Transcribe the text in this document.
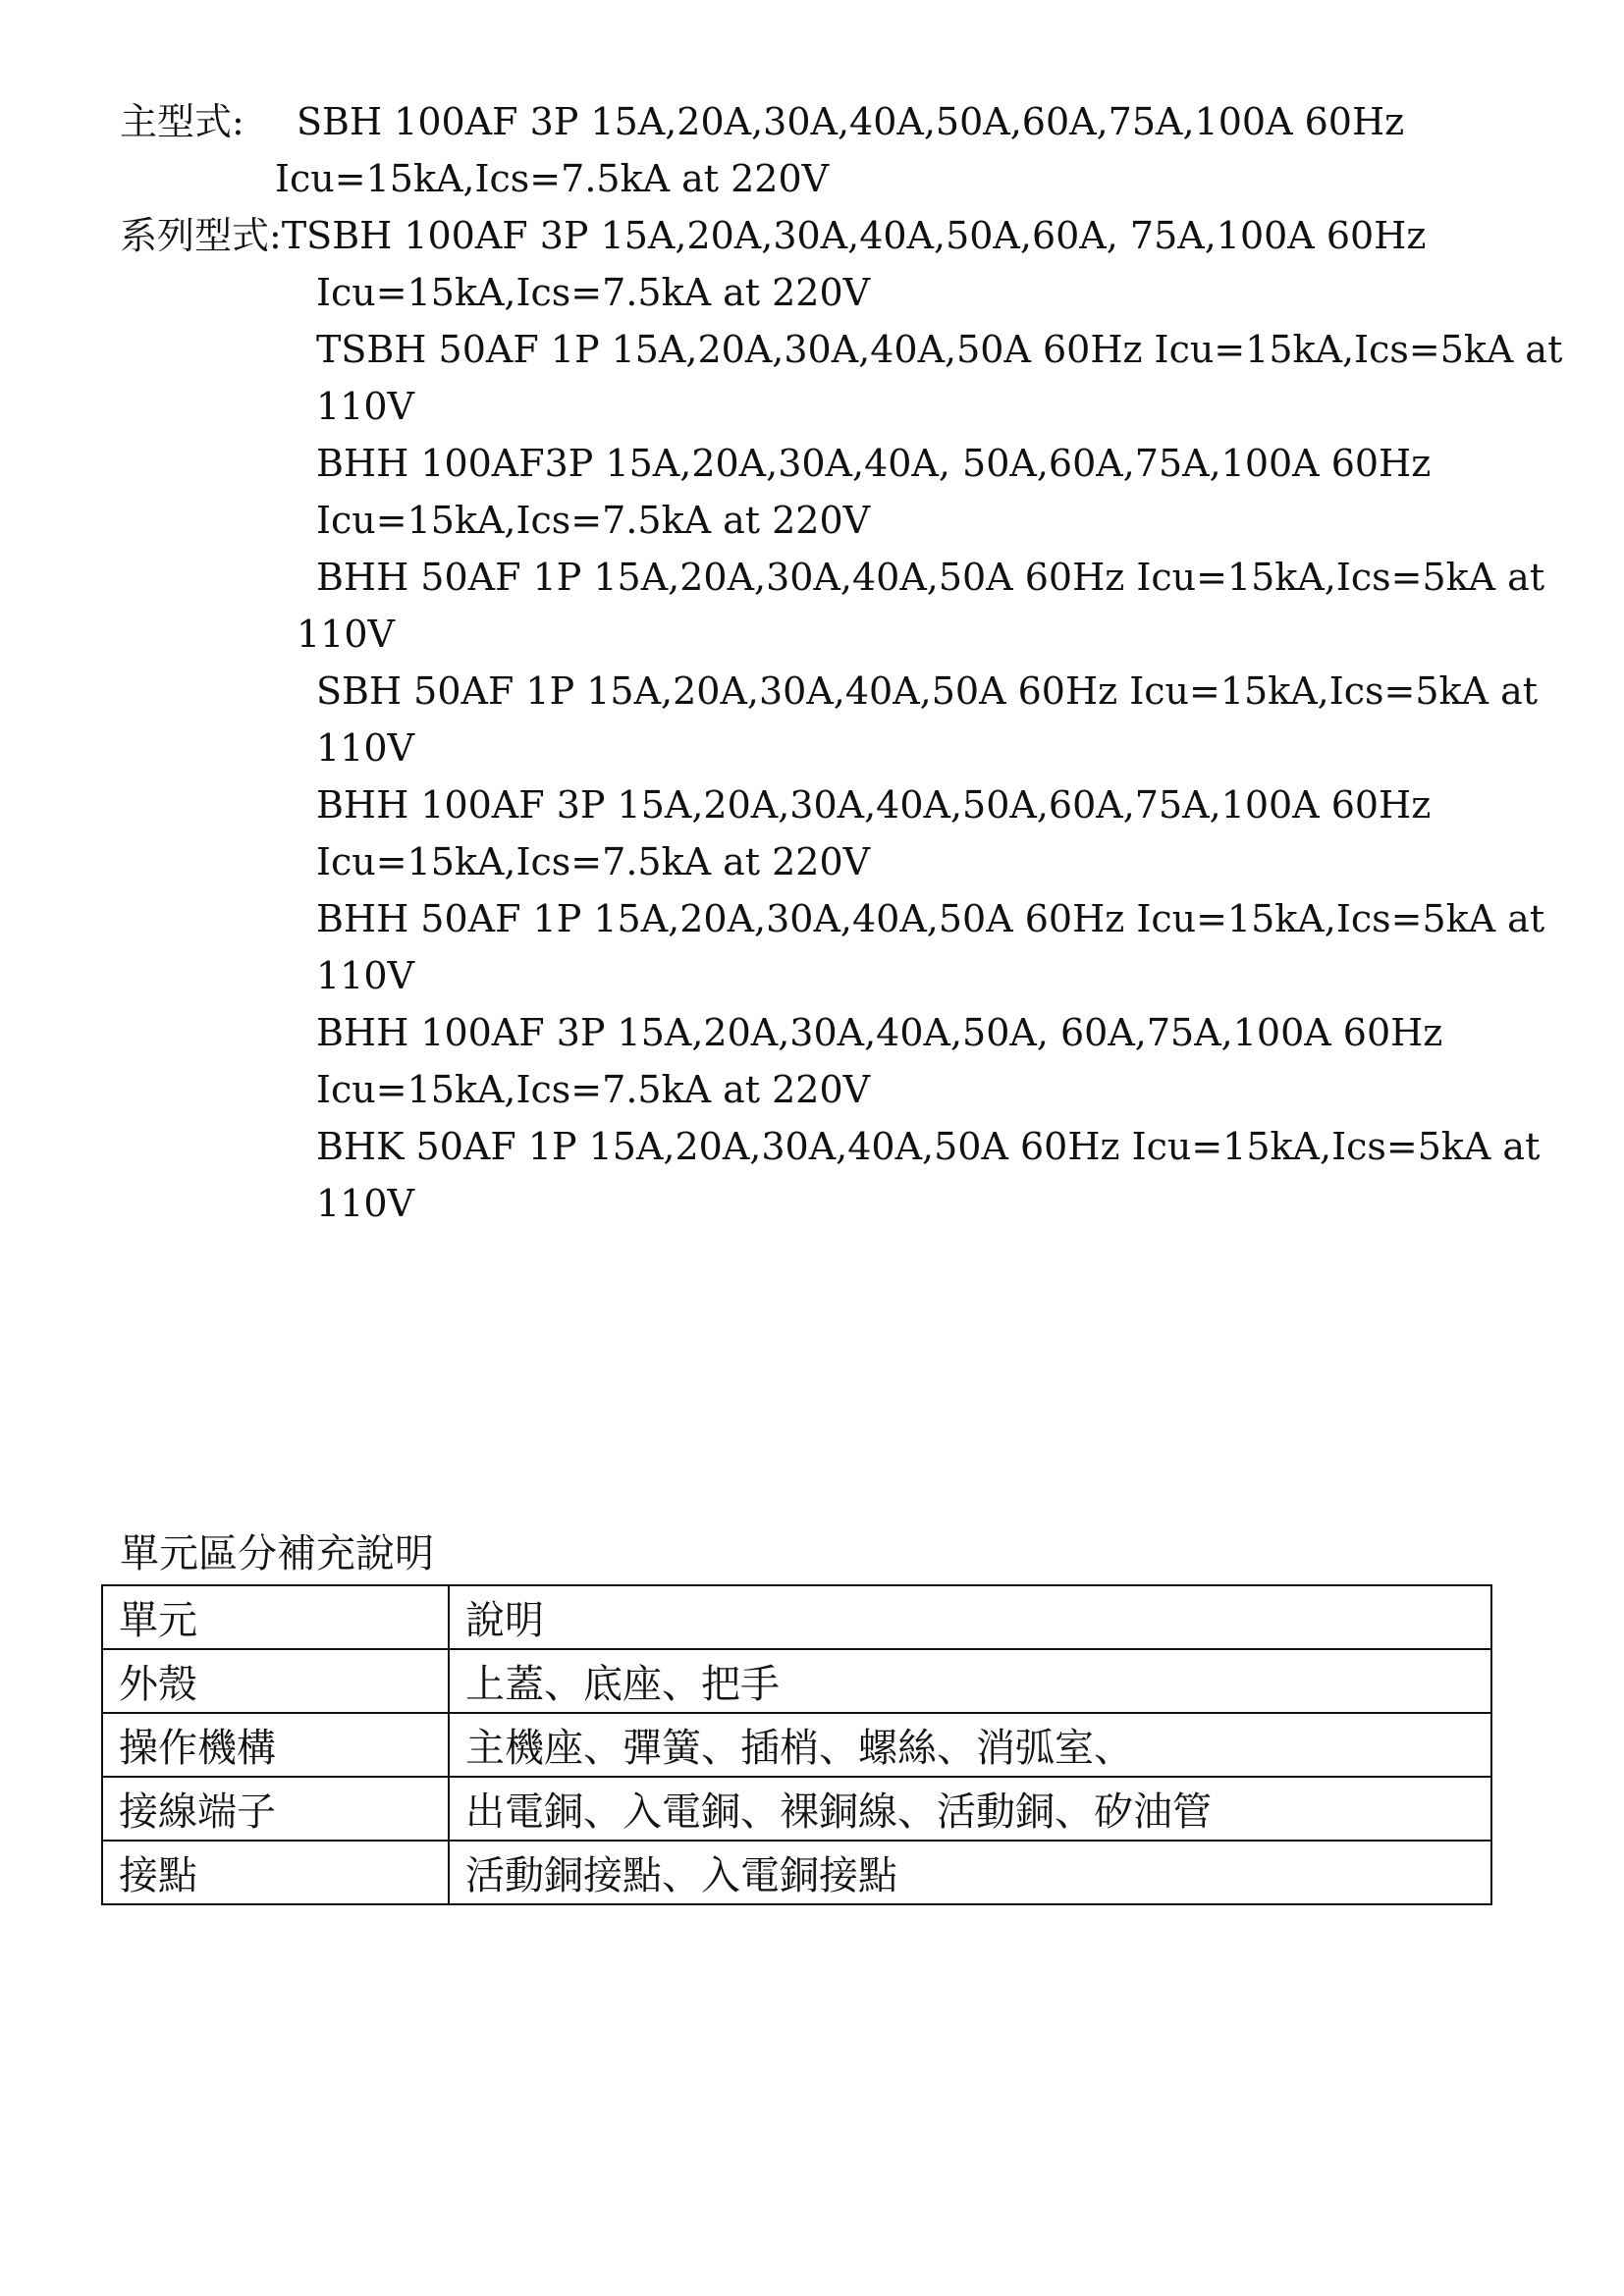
主型式: SBH 100AF 3P 15A,20A,30A,40A,50A,60A,75A,100A 60Hz
Icu=15kA,Ics=7.5kA at 220V
系列型式:TSBH 100AF 3P 15A,20A,30A,40A,50A,60A, 75A,100A 60Hz
Icu=15kA,Ics=7.5kA at 220V
TSBH 50AF 1P 15A,20A,30A,40A,50A 60Hz Icu=15kA,Ics=5kA at
110V
BHH 100AF3P 15A,20A,30A,40A, 50A,60A,75A,100A 60Hz
Icu=15kA,Ics=7.5kA at 220V
BHH 50AF 1P 15A,20A,30A,40A,50A 60Hz Icu=15kA,Ics=5kA at
110V
SBH 50AF 1P 15A,20A,30A,40A,50A 60Hz Icu=15kA,Ics=5kA at
110V
BHH 100AF 3P 15A,20A,30A,40A,50A,60A,75A,100A 60Hz
Icu=15kA,Ics=7.5kA at 220V
BHH 50AF 1P 15A,20A,30A,40A,50A 60Hz Icu=15kA,Ics=5kA at
110V
BHH 100AF 3P 15A,20A,30A,40A,50A, 60A,75A,100A 60Hz
Icu=15kA,Ics=7.5kA at 220V
BHK 50AF 1P 15A,20A,30A,40A,50A 60Hz Icu=15kA,Ics=5kA at
110V
單元區分補充說明
單元	說明
外殼	上蓋、底座、把手
操作機構	主機座、彈簧、插梢、螺絲、消弧室、
接線端子	出電銅、入電銅、裸銅線、活動銅、矽油管
接點	活動銅接點、入電銅接點
